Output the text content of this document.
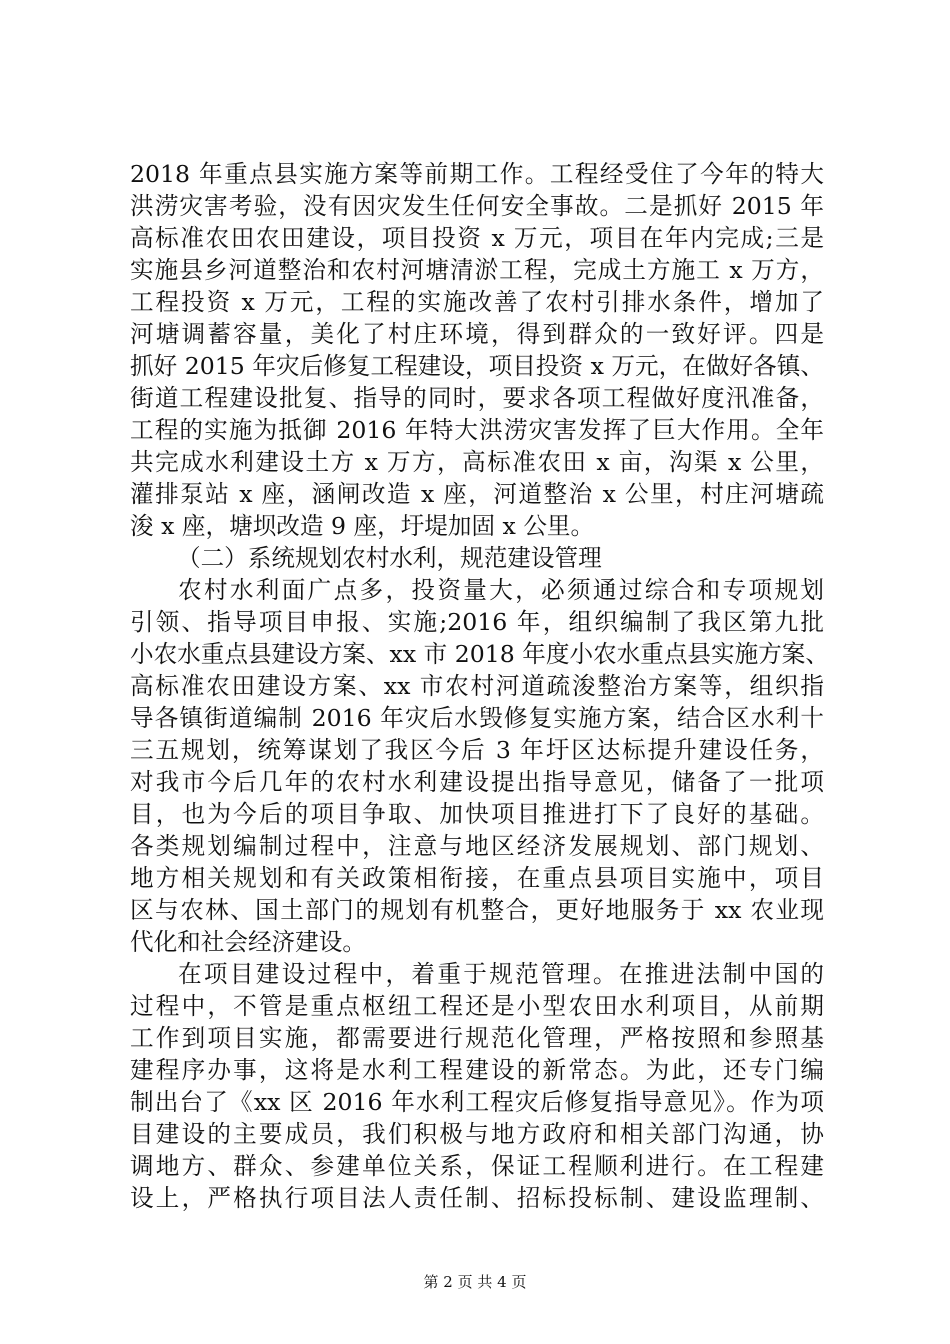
2018 年重点县实施方案等前期工作。工程经受住了今年的特大
洪涝灾害考验，没有因灾发生任何安全事故。二是抓好 2015 年
高标准农田农田建设，项目投资 x 万元，项目在年内完成;三是
实施县乡河道整治和农村河塘清淤工程，完成土方施工 x 万方，
工程投资 x 万元，工程的实施改善了农村引排水条件，增加了
河塘调蓄容量，美化了村庄环境，得到群众的一致好评。四是
抓好 2015 年灾后修复工程建设，项目投资 x 万元，在做好各镇、
街道工程建设批复、指导的同时，要求各项工程做好度汛准备，
工程的实施为抵御 2016 年特大洪涝灾害发挥了巨大作用。全年
共完成水利建设土方 x 万方，高标准农田 x 亩，沟渠 x 公里，
灌排泵站 x 座，涵闸改造 x 座，河道整治 x 公里，村庄河塘疏
浚 x 座，塘坝改造 9 座，圩堤加固 x 公里。
（二）系统规划农村水利，规范建设管理
农村水利面广点多，投资量大，必须通过综合和专项规划
引领、指导项目申报、实施;2016 年，组织编制了我区第九批
小农水重点县建设方案、xx 市 2018 年度小农水重点县实施方案、
高标准农田建设方案、xx 市农村河道疏浚整治方案等，组织指
导各镇街道编制 2016 年灾后水毁修复实施方案，结合区水利十
三五规划，统筹谋划了我区今后 3 年圩区达标提升建设任务，
对我市今后几年的农村水利建设提出指导意见，储备了一批项
目，也为今后的项目争取、加快项目推进打下了良好的基础。
各类规划编制过程中，注意与地区经济发展规划、部门规划、
地方相关规划和有关政策相衔接，在重点县项目实施中，项目
区与农林、国土部门的规划有机整合，更好地服务于 xx 农业现
代化和社会经济建设。
在项目建设过程中，着重于规范管理。在推进法制中国的
过程中，不管是重点枢纽工程还是小型农田水利项目，从前期
工作到项目实施，都需要进行规范化管理，严格按照和参照基
建程序办事，这将是水利工程建设的新常态。为此，还专门编
制出台了《xx 区 2016 年水利工程灾后修复指导意见》。作为项
目建设的主要成员，我们积极与地方政府和相关部门沟通，协
调地方、群众、参建单位关系，保证工程顺利进行。在工程建
设上，严格执行项目法人责任制、招标投标制、建设监理制、
第 2 页 共 4 页
